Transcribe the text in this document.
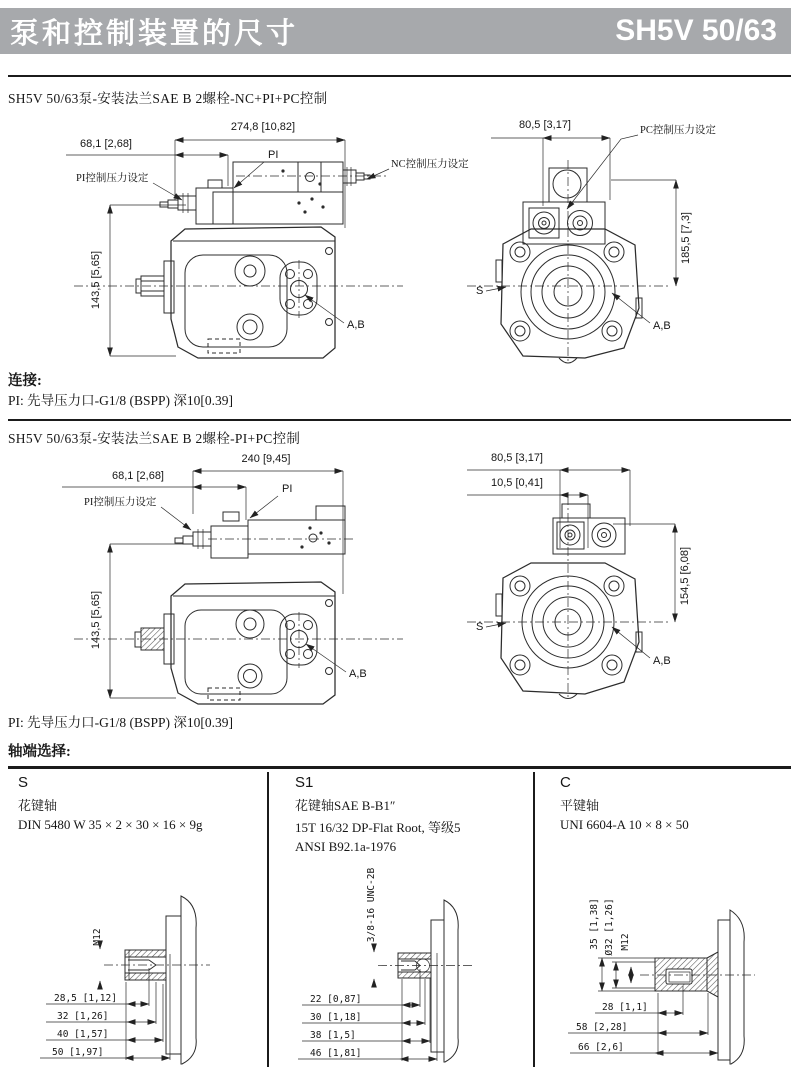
泵和控制装置的尺寸	SH5V 50/63
SH5V 50/63泵-安装法兰SAE B 2螺栓-NC+PI+PC控制
274,8 [10,82]
68,1 [2,68]
143,5 [5,65]
PI
PI控制压力设定
NC控制压力设定
A,B
80,5 [3,17]
185,5 [7,3]
PC控制压力设定
S
A,B
连接:
PI: 先导压力口-G1/8 (BSPP) 深10[0.39]
SH5V 50/63泵-安装法兰SAE B 2螺栓-PI+PC控制
240 [9,45]
68,1 [2,68]
143,5 [5,65]
PI
PI控制压力设定
A,B
80,5 [3,17]
10,5 [0,41]
154,5 [6,08]
S
A,B
PI: 先导压力口-G1/8 (BSPP) 深10[0.39]
轴端选择:
S
花键轴
DIN 5480 W 35 × 2 × 30 × 16 × 9g
S1
花键轴SAE B-B1″
15T 16/32 DP-Flat Root, 等级5
ANSI B92.1a-1976
C
平键轴
UNI 6604-A 10 × 8 × 50
M12
28,5 [1,12]
32 [1,26]
40 [1,57]
50 [1,97]
3/8-16 UNC-2B
22 [0,87]
30 [1,18]
38 [1,5]
46 [1,81]
35 [1,38] Ø32 [1,26] M12
28 [1,1]
58 [2,28]
66 [2,6]
